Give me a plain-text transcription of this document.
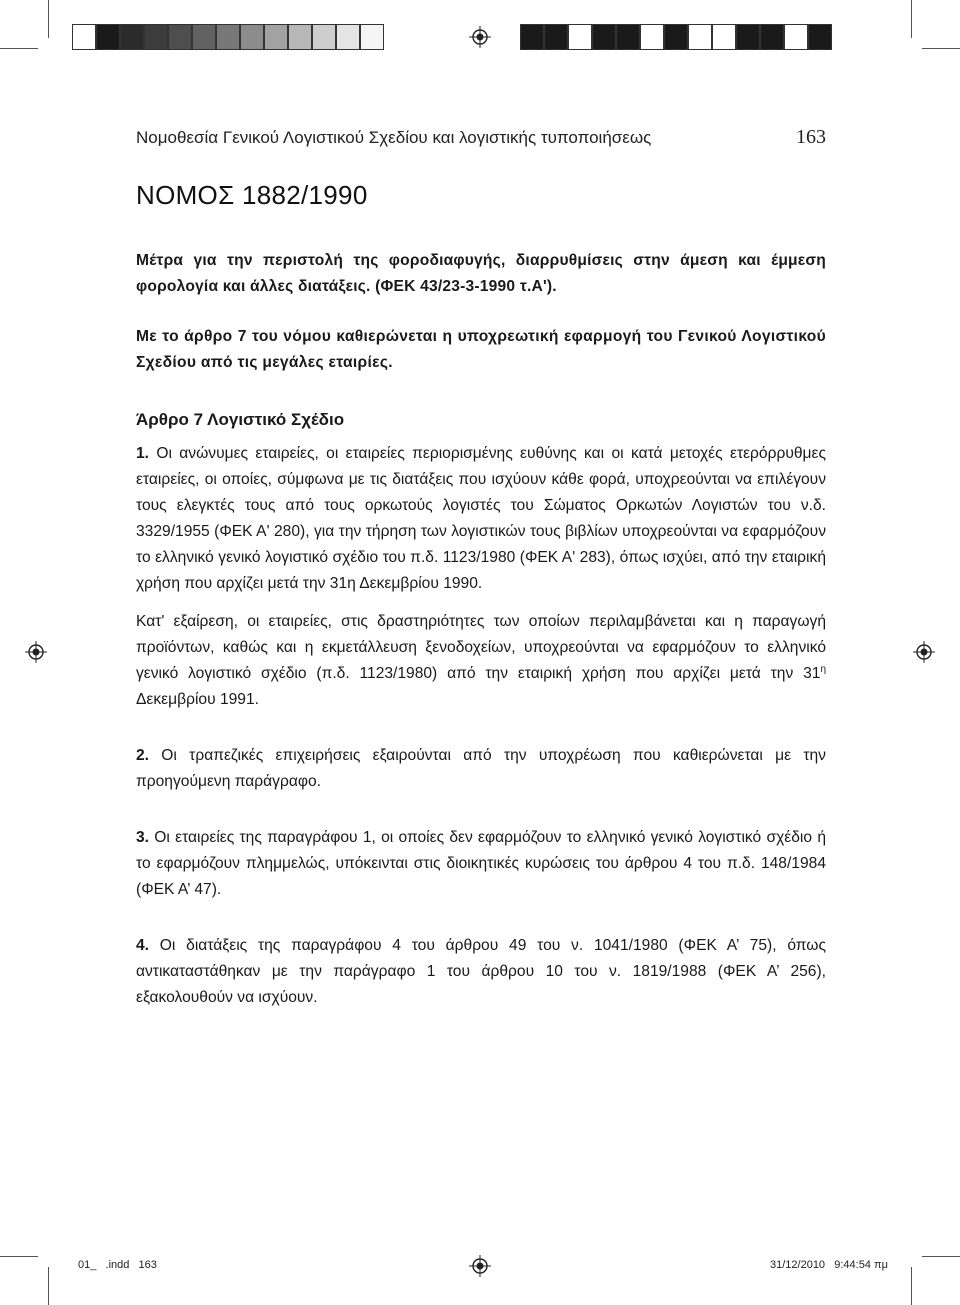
Νομοθεσία Γενικού Λογιστικού Σχεδίου και λογιστικής τυποποιήσεως	163
ΝΟΜΟΣ 1882/1990

Μέτρα για την περιστολή της φοροδιαφυγής, διαρρυθμίσεις στην άμεση και έμμεση φορολογία και άλλες διατάξεις. (ΦΕΚ 43/23-3-1990 τ.Α').

Με το άρθρο 7 του νόμου καθιερώνεται η υποχρεωτική εφαρμογή του Γενικού Λογιστικού Σχεδίου από τις μεγάλες εταιρίες.

Άρθρο 7 Λογιστικό Σχέδιο

1. Οι ανώνυμες εταιρείες, οι εταιρείες περιορισμένης ευθύνης και οι κατά μετοχές ετερόρρυθμες εταιρείες, οι οποίες, σύμφωνα με τις διατάξεις που ισχύουν κάθε φορά, υποχρεούνται να επιλέγουν τους ελεγκτές τους από τους ορκωτούς λογιστές του Σώματος Ορκωτών Λογιστών του ν.δ. 3329/1955 (ΦΕΚ Α' 280), για την τήρηση των λογιστικών τους βιβλίων υποχρεούνται να εφαρμόζουν το ελληνικό γενικό λογιστικό σχέδιο του π.δ. 1123/1980 (ΦΕΚ Α' 283), όπως ισχύει, από την εταιρική χρήση που αρχίζει μετά την 31η Δεκεμβρίου 1990.

Κατ' εξαίρεση, οι εταιρείες, στις δραστηριότητες των οποίων περιλαμβάνεται και η παραγωγή προϊόντων, καθώς και η εκμετάλλευση ξενοδοχείων, υποχρεούνται να εφαρμόζουν το ελληνικό γενικό λογιστικό σχέδιο (π.δ. 1123/1980) από την εταιρική χρήση που αρχίζει μετά την $31^\eta$ Δεκεμβρίου 1991.

2. Οι τραπεζικές επιχειρήσεις εξαιρούνται από την υποχρέωση που καθιερώνεται με την προηγούμενη παράγραφο.

3. Οι εταιρείες της παραγράφου 1, οι οποίες δεν εφαρμόζουν το ελληνικό γενικό λογιστικό σχέδιο ή το εφαρμόζουν πλημμελώς, υπόκεινται στις διοικητικές κυρώσεις του άρθρου 4 του π.δ. 148/1984 (ΦΕΚ Α’ 47).

4. Οι διατάξεις της παραγράφου 4 του άρθρου 49 του ν. 1041/1980 (ΦΕΚ Α’ 75), όπως αντικαταστάθηκαν με την παράγραφο 1 του άρθρου 10 του ν. 1819/1988 (ΦΕΚ Α’ 256), εξακολουθούν να ισχύουν.

01_   .indd   163	31/12/2010   9:44:54 πμ
